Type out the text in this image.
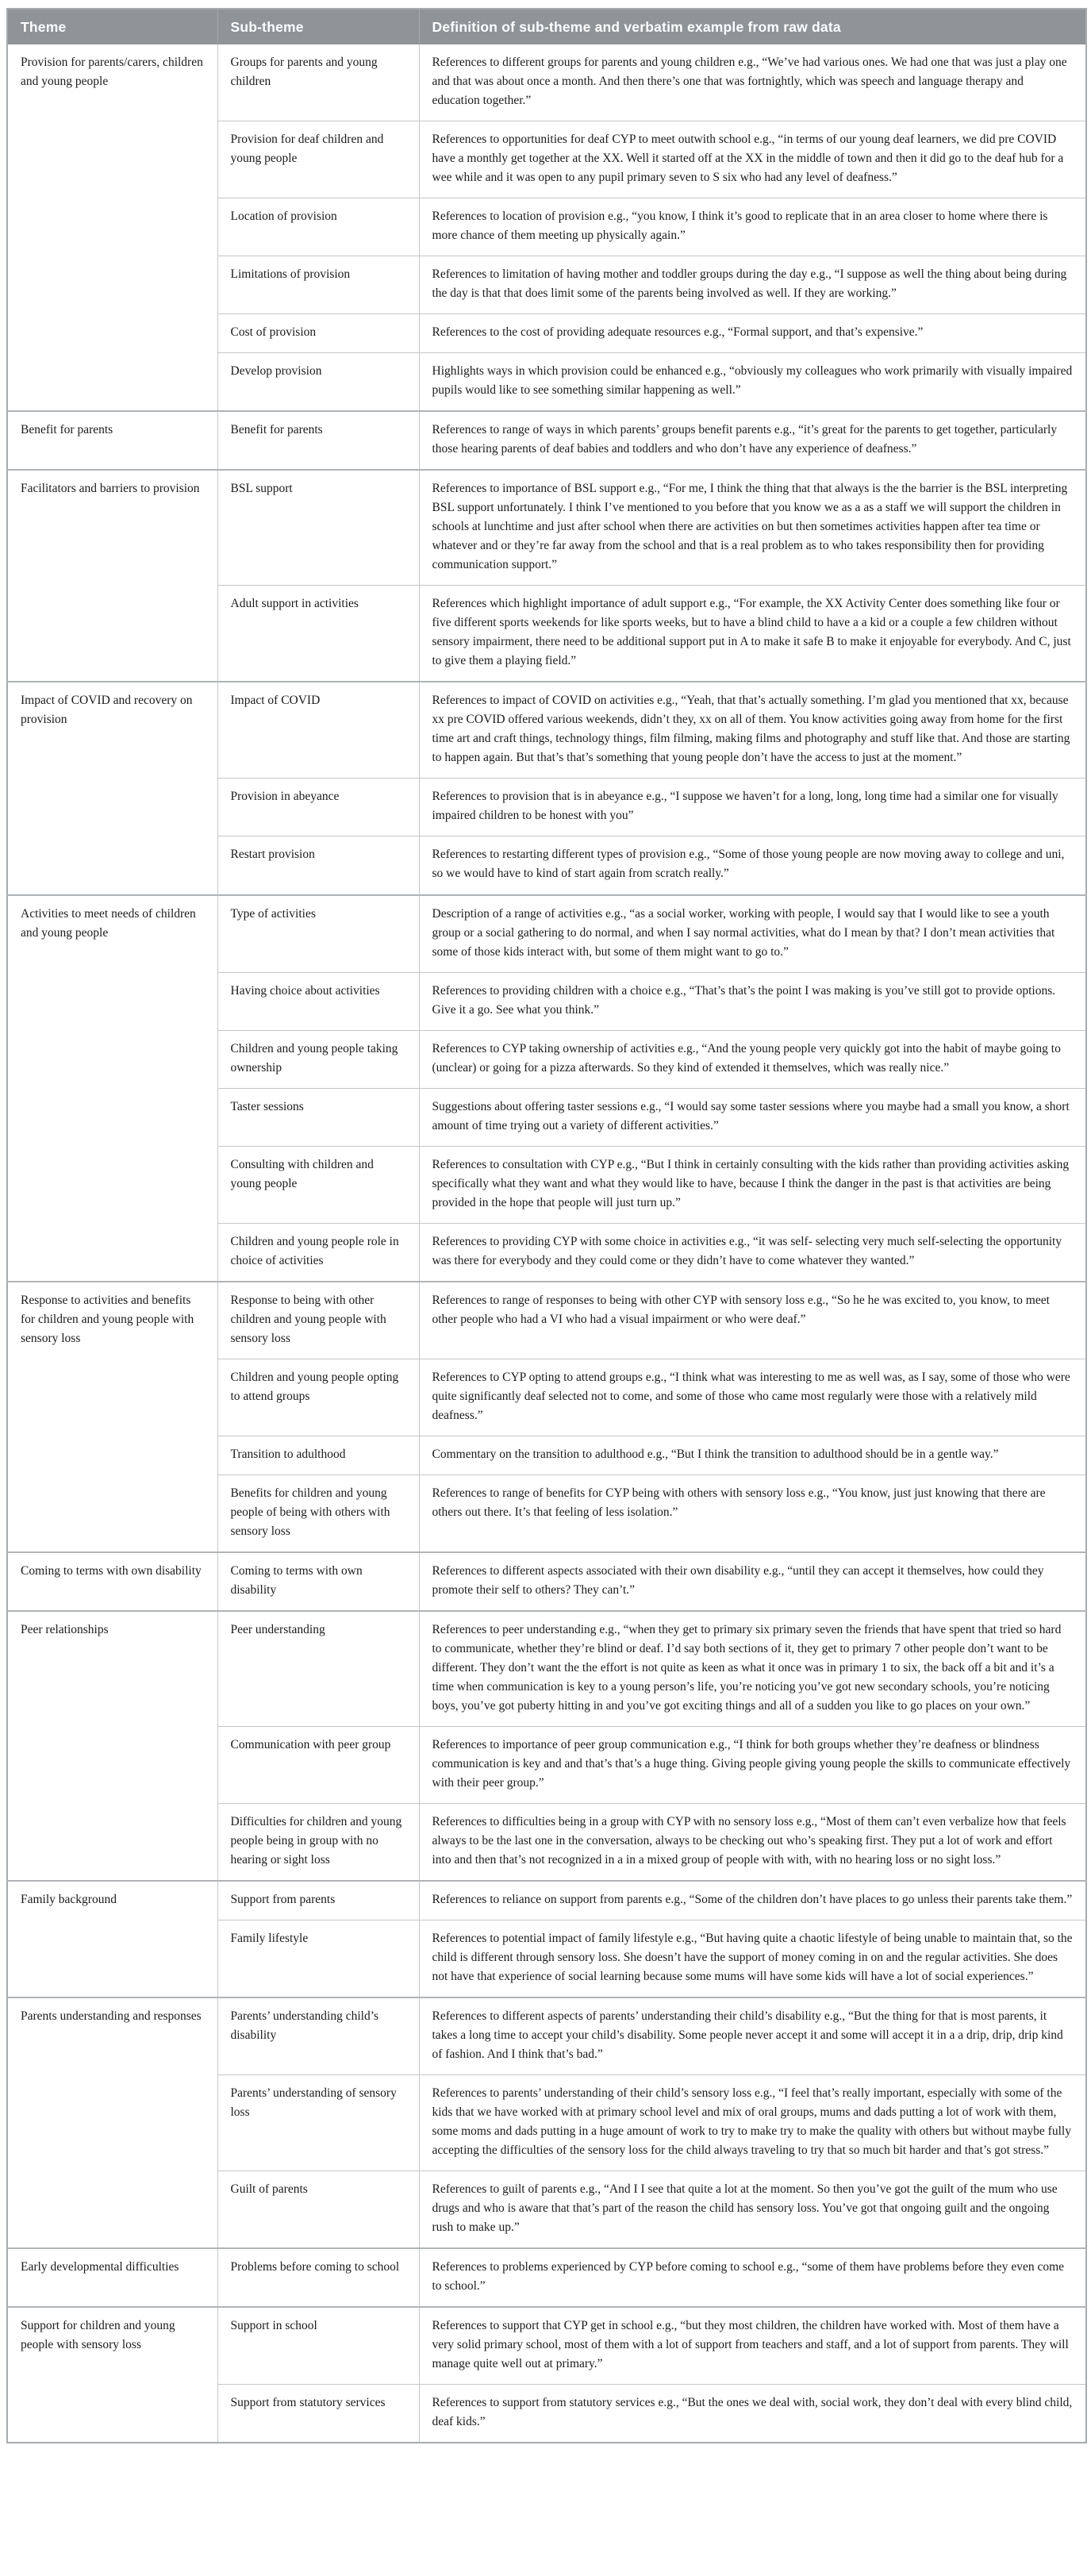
Theme	Sub-theme	Definition of sub-theme and verbatim example from raw data
Provision for parents/carers, children and young people	Groups for parents and young children	References to different groups for parents and young children e.g., “We’ve had various ones. We had one that was just a play one and that was about once a month. And then there’s one that was fortnightly, which was speech and language therapy and education together.”
	Provision for deaf children and young people	References to opportunities for deaf CYP to meet outwith school e.g., “in terms of our young deaf learners, we did pre COVID have a monthly get together at the XX. Well it started off at the XX in the middle of town and then it did go to the deaf hub for a wee while and it was open to any pupil primary seven to S six who had any level of deafness.”
	Location of provision	References to location of provision e.g., “you know, I think it’s good to replicate that in an area closer to home where there is more chance of them meeting up physically again.”
	Limitations of provision	References to limitation of having mother and toddler groups during the day e.g., “I suppose as well the thing about being during the day is that that does limit some of the parents being involved as well. If they are working.”
	Cost of provision	References to the cost of providing adequate resources e.g., “Formal support, and that’s expensive.”
	Develop provision	Highlights ways in which provision could be enhanced e.g., “obviously my colleagues who work primarily with visually impaired pupils would like to see something similar happening as well.”
Benefit for parents	Benefit for parents	References to range of ways in which parents’ groups benefit parents e.g., “it’s great for the parents to get together, particularly those hearing parents of deaf babies and toddlers and who don’t have any experience of deafness.”
Facilitators and barriers to provision	BSL support	References to importance of BSL support e.g., “For me, I think the thing that that always is the the barrier is the BSL interpreting BSL support unfortunately. I think I’ve mentioned to you before that you know we as a as a staff we will support the children in schools at lunchtime and just after school when there are activities on but then sometimes activities happen after tea time or whatever and or they’re far away from the school and that is a real problem as to who takes responsibility then for providing communication support.”
	Adult support in activities	References which highlight importance of adult support e.g., “For example, the XX Activity Center does something like four or five different sports weekends for like sports weeks, but to have a blind child to have a a kid or a couple a few children without sensory impairment, there need to be additional support put in A to make it safe B to make it enjoyable for everybody. And C, just to give them a playing field.”
Impact of COVID and recovery on provision	Impact of COVID	References to impact of COVID on activities e.g., “Yeah, that that’s actually something. I’m glad you mentioned that xx, because xx pre COVID offered various weekends, didn’t they, xx on all of them. You know activities going away from home for the first time art and craft things, technology things, film filming, making films and photography and stuff like that. And those are starting to happen again. But that’s that’s something that young people don’t have the access to just at the moment.”
	Provision in abeyance	References to provision that is in abeyance e.g., “I suppose we haven’t for a long, long, long time had a similar one for visually impaired children to be honest with you”
	Restart provision	References to restarting different types of provision e.g., “Some of those young people are now moving away to college and uni, so we would have to kind of start again from scratch really.”
Activities to meet needs of children and young people	Type of activities	Description of a range of activities e.g., “as a social worker, working with people, I would say that I would like to see a youth group or a social gathering to do normal, and when I say normal activities, what do I mean by that? I don’t mean activities that some of those kids interact with, but some of them might want to go to.”
	Having choice about activities	References to providing children with a choice e.g., “That’s that’s the point I was making is you’ve still got to provide options. Give it a go. See what you think.”
	Children and young people taking ownership	References to CYP taking ownership of activities e.g., “And the young people very quickly got into the habit of maybe going to (unclear) or going for a pizza afterwards. So they kind of extended it themselves, which was really nice.”
	Taster sessions	Suggestions about offering taster sessions e.g., “I would say some taster sessions where you maybe had a small you know, a short amount of time trying out a variety of different activities.”
	Consulting with children and young people	References to consultation with CYP e.g., “But I think in certainly consulting with the kids rather than providing activities asking specifically what they want and what they would like to have, because I think the danger in the past is that activities are being provided in the hope that people will just turn up.”
	Children and young people role in choice of activities	References to providing CYP with some choice in activities e.g., “it was self- selecting very much self-selecting the opportunity was there for everybody and they could come or they didn’t have to come whatever they wanted.”
Response to activities and benefits for children and young people with sensory loss	Response to being with other children and young people with sensory loss	References to range of responses to being with other CYP with sensory loss e.g., “So he he was excited to, you know, to meet other people who had a VI who had a visual impairment or who were deaf.”
	Children and young people opting to attend groups	References to CYP opting to attend groups e.g., “I think what was interesting to me as well was, as I say, some of those who were quite significantly deaf selected not to come, and some of those who came most regularly were those with a relatively mild deafness.”
	Transition to adulthood	Commentary on the transition to adulthood e.g., “But I think the transition to adulthood should be in a gentle way.”
	Benefits for children and young people of being with others with sensory loss	References to range of benefits for CYP being with others with sensory loss e.g., “You know, just just knowing that there are others out there. It’s that feeling of less isolation.”
Coming to terms with own disability	Coming to terms with own disability	References to different aspects associated with their own disability e.g., “until they can accept it themselves, how could they promote their self to others? They can’t.”
Peer relationships	Peer understanding	References to peer understanding e.g., “when they get to primary six primary seven the friends that have spent that tried so hard to communicate, whether they’re blind or deaf. I’d say both sections of it, they get to primary 7 other people don’t want to be different. They don’t want the the effort is not quite as keen as what it once was in primary 1 to six, the back off a bit and it’s a time when communication is key to a young person’s life, you’re noticing you’ve got new secondary schools, you’re noticing boys, you’ve got puberty hitting in and you’ve got exciting things and all of a sudden you like to go places on your own.”
	Communication with peer group	References to importance of peer group communication e.g., “I think for both groups whether they’re deafness or blindness communication is key and and that’s that’s a huge thing. Giving people giving young people the skills to communicate effectively with their peer group.”
	Difficulties for children and young people being in group with no hearing or sight loss	References to difficulties being in a group with CYP with no sensory loss e.g., “Most of them can’t even verbalize how that feels always to be the last one in the conversation, always to be checking out who’s speaking first. They put a lot of work and effort into and then that’s not recognized in a in a mixed group of people with with, with no hearing loss or no sight loss.”
Family background	Support from parents	References to reliance on support from parents e.g., “Some of the children don’t have places to go unless their parents take them.”
	Family lifestyle	References to potential impact of family lifestyle e.g., “But having quite a chaotic lifestyle of being unable to maintain that, so the child is different through sensory loss. She doesn’t have the support of money coming in on and the regular activities. She does not have that experience of social learning because some mums will have some kids will have a lot of social experiences.”
Parents understanding and responses	Parents’ understanding child’s disability	References to different aspects of parents’ understanding their child’s disability e.g., “But the thing for that is most parents, it takes a long time to accept your child’s disability. Some people never accept it and some will accept it in a a drip, drip, drip kind of fashion. And I think that’s bad.”
	Parents’ understanding of sensory loss	References to parents’ understanding of their child’s sensory loss e.g., “I feel that’s really important, especially with some of the kids that we have worked with at primary school level and mix of oral groups, mums and dads putting a lot of work with them, some moms and dads putting in a huge amount of work to try to make try to make the quality with others but without maybe fully accepting the difficulties of the sensory loss for the child always traveling to try that so much bit harder and that’s got stress.”
	Guilt of parents	References to guilt of parents e.g., “And I I see that quite a lot at the moment. So then you’ve got the guilt of the mum who use drugs and who is aware that that’s part of the reason the child has sensory loss. You’ve got that ongoing guilt and the ongoing rush to make up.”
Early developmental difficulties	Problems before coming to school	References to problems experienced by CYP before coming to school e.g., “some of them have problems before they even come to school.”
Support for children and young people with sensory loss	Support in school	References to support that CYP get in school e.g., “but they most children, the children have worked with. Most of them have a very solid primary school, most of them with a lot of support from teachers and staff, and a lot of support from parents. They will manage quite well out at primary.”
	Support from statutory services	References to support from statutory services e.g., “But the ones we deal with, social work, they don’t deal with every blind child, deaf kids.”
